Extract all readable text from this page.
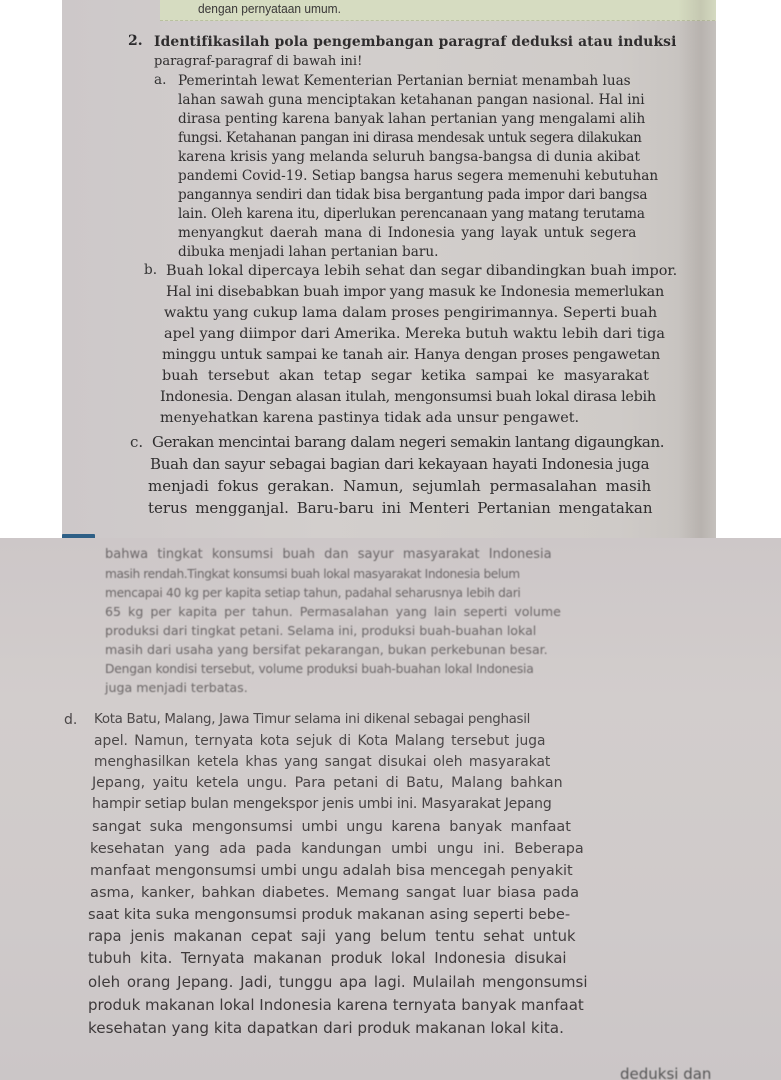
dengan pernyataan umum.
2. Identifikasilah pola pengembangan paragraf deduksi atau induksi
paragraf-paragraf di bawah ini!
a. Pemerintah lewat Kementerian Pertanian berniat menambah luas
lahan sawah guna menciptakan ketahanan pangan nasional. Hal ini
dirasa penting karena banyak lahan pertanian yang mengalami alih
fungsi. Ketahanan pangan ini dirasa mendesak untuk segera dilakukan
karena krisis yang melanda seluruh bangsa-bangsa di dunia akibat
pandemi Covid-19. Setiap bangsa harus segera memenuhi kebutuhan
pangannya sendiri dan tidak bisa bergantung pada impor dari bangsa
lain. Oleh karena itu, diperlukan perencanaan yang matang terutama
menyangkut daerah mana di Indonesia yang layak untuk segera
dibuka menjadi lahan pertanian baru.
b. Buah lokal dipercaya lebih sehat dan segar dibandingkan buah impor.
Hal ini disebabkan buah impor yang masuk ke Indonesia memerlukan
waktu yang cukup lama dalam proses pengirimannya. Seperti buah
apel yang diimpor dari Amerika. Mereka butuh waktu lebih dari tiga
minggu untuk sampai ke tanah air. Hanya dengan proses pengawetan
buah tersebut akan tetap segar ketika sampai ke masyarakat
Indonesia. Dengan alasan itulah, mengonsumsi buah lokal dirasa lebih
menyehatkan karena pastinya tidak ada unsur pengawet.
c. Gerakan mencintai barang dalam negeri semakin lantang digaungkan.
Buah dan sayur sebagai bagian dari kekayaan hayati Indonesia juga
menjadi fokus gerakan. Namun, sejumlah permasalahan masih
terus mengganjal. Baru-baru ini Menteri Pertanian mengatakan
bahwa tingkat konsumsi buah dan sayur masyarakat Indonesia
masih rendah.Tingkat konsumsi buah lokal masyarakat Indonesia belum
mencapai 40 kg per kapita setiap tahun, padahal seharusnya lebih dari
65 kg per kapita per tahun. Permasalahan yang lain seperti volume
produksi dari tingkat petani. Selama ini, produksi buah-buahan lokal
masih dari usaha yang bersifat pekarangan, bukan perkebunan besar.
Dengan kondisi tersebut, volume produksi buah-buahan lokal Indonesia
juga menjadi terbatas.
d. Kota Batu, Malang, Jawa Timur selama ini dikenal sebagai penghasil
apel. Namun, ternyata kota sejuk di Kota Malang tersebut juga
menghasilkan ketela khas yang sangat disukai oleh masyarakat
Jepang, yaitu ketela ungu. Para petani di Batu, Malang bahkan
hampir setiap bulan mengekspor jenis umbi ini. Masyarakat Jepang
sangat suka mengonsumsi umbi ungu karena banyak manfaat
kesehatan yang ada pada kandungan umbi ungu ini. Beberapa
manfaat mengonsumsi umbi ungu adalah bisa mencegah penyakit
asma, kanker, bahkan diabetes. Memang sangat luar biasa pada
saat kita suka mengonsumsi produk makanan asing seperti bebe-
rapa jenis makanan cepat saji yang belum tentu sehat untuk
tubuh kita. Ternyata makanan produk lokal Indonesia disukai
oleh orang Jepang. Jadi, tunggu apa lagi. Mulailah mengonsumsi
produk makanan lokal Indonesia karena ternyata banyak manfaat
kesehatan yang kita dapatkan dari produk makanan lokal kita.
deduksi dan
